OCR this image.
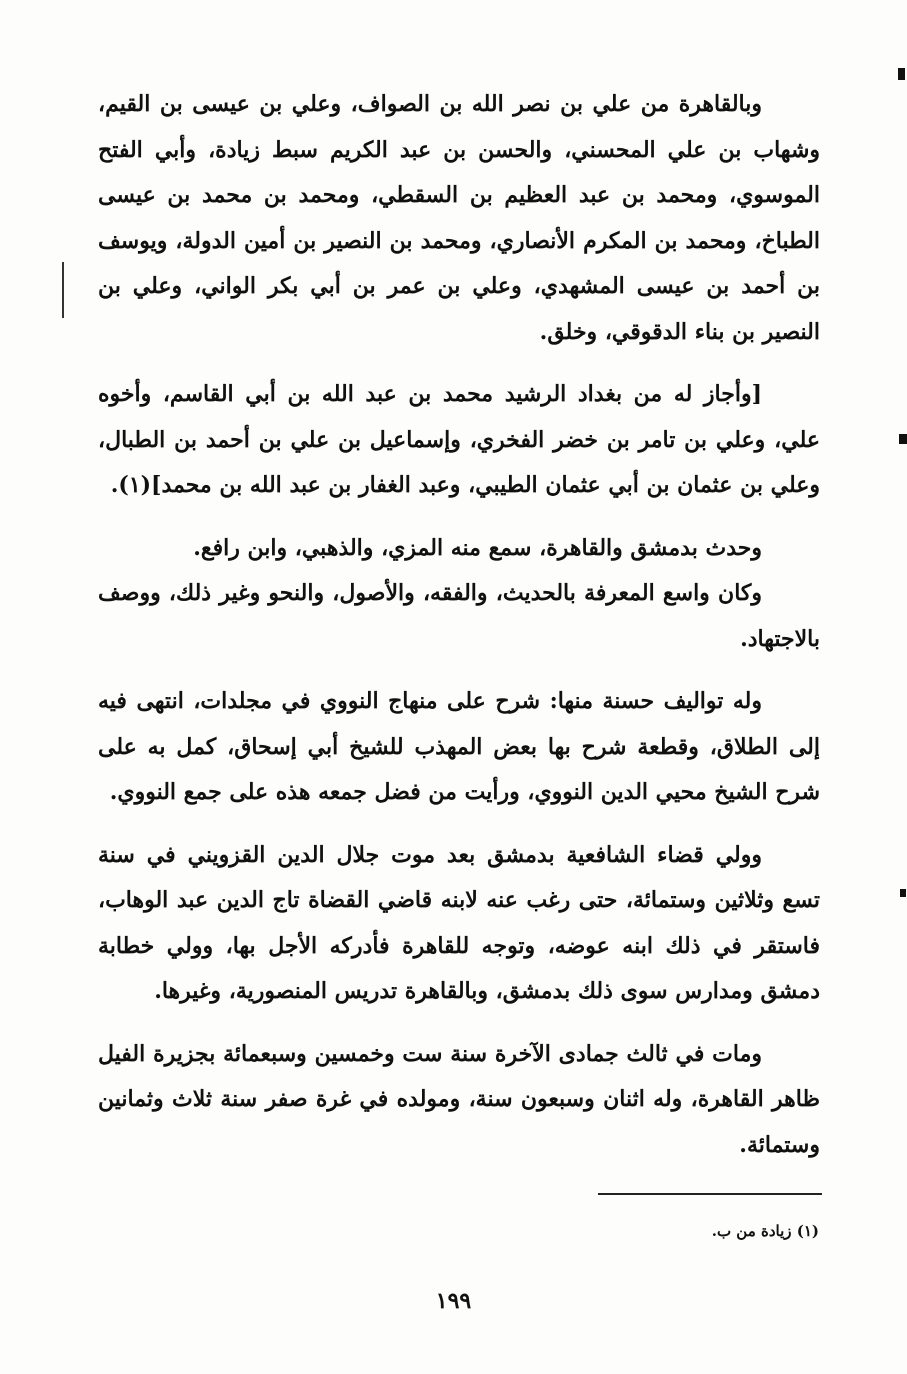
وبالقاهرة من علي بن نصر الله بن الصواف، وعلي بن عيسى بن القيم، وشهاب بن علي المحسني، والحسن بن عبد الكريم سبط زيادة، وأبي الفتح الموسوي، ومحمد بن عبد العظيم بن السقطي، ومحمد بن محمد بن عيسى الطباخ، ومحمد بن المكرم الأنصاري، ومحمد بن النصير بن أمين الدولة، ويوسف بن أحمد بن عيسى المشهدي، وعلي بن عمر بن أبي بكر الواني، وعلي بن النصير بن بناء الدقوقي، وخلق.

[وأجاز له من بغداد الرشيد محمد بن عبد الله بن أبي القاسم، وأخوه علي، وعلي بن تامر بن خضر الفخري، وإسماعيل بن علي بن أحمد بن الطبال، وعلي بن عثمان بن أبي عثمان الطيبي، وعبد الغفار بن عبد الله بن محمد](١).

وحدث بدمشق والقاهرة، سمع منه المزي، والذهبي، وابن رافع.

وكان واسع المعرفة بالحديث، والفقه، والأصول، والنحو وغير ذلك، ووصف بالاجتهاد.

وله تواليف حسنة منها: شرح على منهاج النووي في مجلدات، انتهى فيه إلى الطلاق، وقطعة شرح بها بعض المهذب للشيخ أبي إسحاق، كمل به على شرح الشيخ محيي الدين النووي، ورأيت من فضل جمعه هذه على جمع النووي.

وولي قضاء الشافعية بدمشق بعد موت جلال الدين القزويني في سنة تسع وثلاثين وستمائة، حتى رغب عنه لابنه قاضي القضاة تاج الدين عبد الوهاب، فاستقر في ذلك ابنه عوضه، وتوجه للقاهرة فأدركه الأجل بها، وولي خطابة دمشق ومدارس سوى ذلك بدمشق، وبالقاهرة تدريس المنصورية، وغيرها.

ومات في ثالث جمادى الآخرة سنة ست وخمسين وسبعمائة بجزيرة الفيل ظاهر القاهرة، وله اثنان وسبعون سنة، ومولده في غرة صفر سنة ثلاث وثمانين وستمائة.

(١) زيادة من ب.
١٩٩
